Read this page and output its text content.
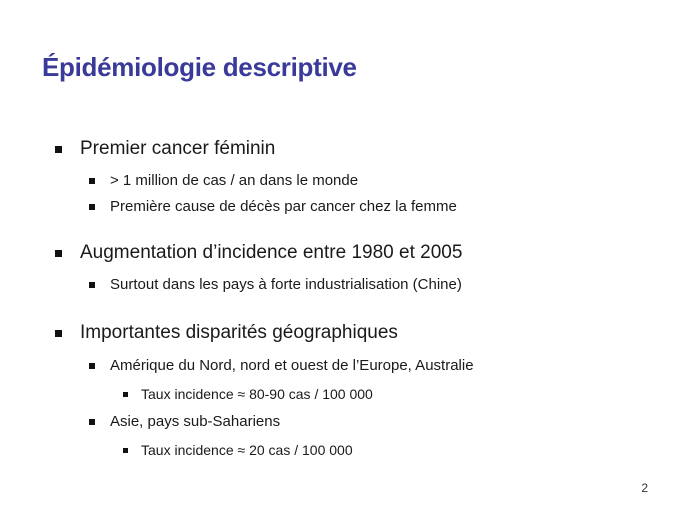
Épidémiologie descriptive
Premier cancer féminin
> 1 million de cas / an dans le monde
Première cause de décès par cancer chez la femme
Augmentation d’incidence entre 1980 et 2005
Surtout dans les pays à forte industrialisation (Chine)
Importantes disparités géographiques
Amérique du Nord, nord et ouest de l’Europe, Australie
Taux incidence ≈ 80-90 cas / 100 000
Asie, pays sub-Sahariens
Taux incidence ≈ 20 cas / 100 000
2
